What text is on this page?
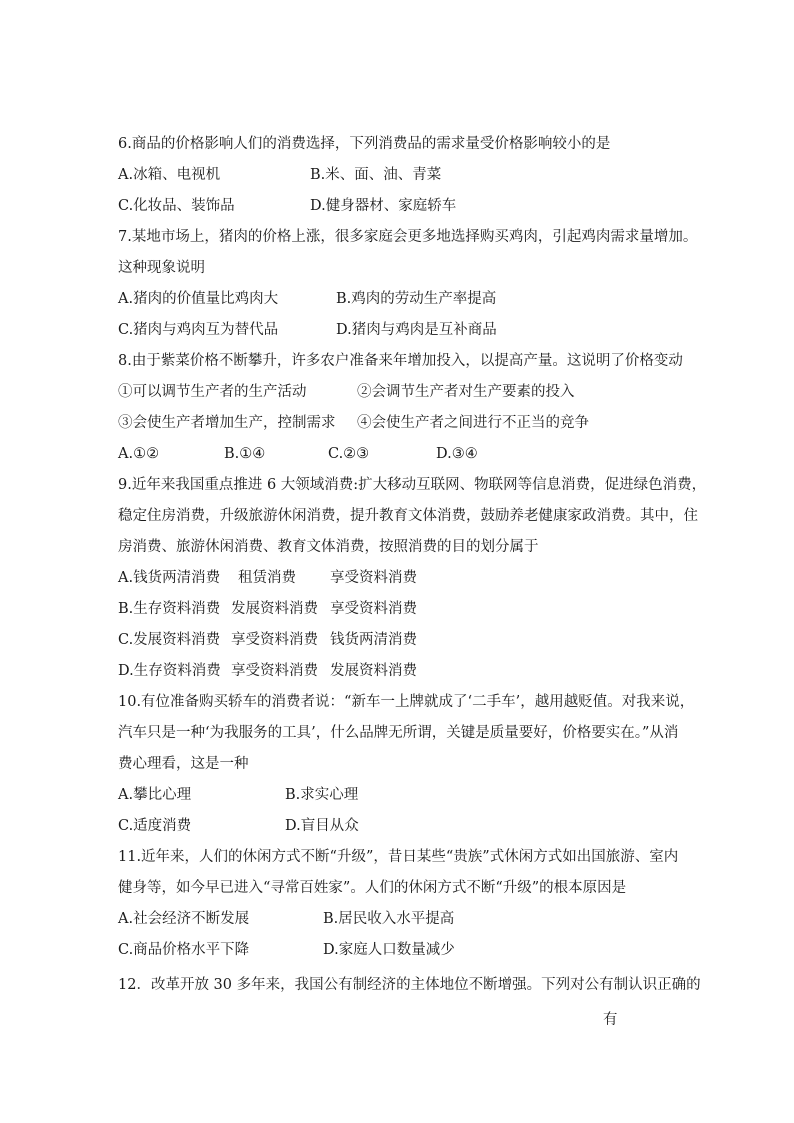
6.商品的价格影响人们的消费选择，下列消费品的需求量受价格影响较小的是
A.冰箱、电视机	B.米、面、油、青菜
C.化妆品、装饰品	D.健身器材、家庭轿车
7.某地市场上，猪肉的价格上涨，很多家庭会更多地选择购买鸡肉，引起鸡肉需求量增加。
这种现象说明
A.猪肉的价值量比鸡肉大	B.鸡肉的劳动生产率提高
C.猪肉与鸡肉互为替代品	D.猪肉与鸡肉是互补商品
8.由于紫菜价格不断攀升，许多农户准备来年增加投入，以提高产量。这说明了价格变动
①可以调节生产者的生产活动	②会调节生产者对生产要素的投入
③会使生产者增加生产，控制需求 ④会使生产者之间进行不正当的竞争
A.①②	B.①④	C.②③	D.③④
9.近年来我国重点推进 6 大领域消费:扩大移动互联网、物联网等信息消费，促进绿色消费，
稳定住房消费，升级旅游休闲消费，提升教育文体消费，鼓励养老健康家政消费。其中，住
房消费、旅游休闲消费、教育文体消费，按照消费的目的划分属于
A.钱货两清消费 租赁消费 享受资料消费
B.生存资料消费 发展资料消费 享受资料消费
C.发展资料消费 享受资料消费 钱货两清消费
D.生存资料消费 享受资料消费 发展资料消费
10.有位准备购买轿车的消费者说：“新车一上牌就成了‘二手车’，越用越贬值。对我来说，
汽车只是一种‘为我服务的工具’，什么品牌无所谓，关键是质量要好，价格要实在。”从消
费心理看，这是一种
A.攀比心理	B.求实心理
C.适度消费	D.盲目从众
11.近年来，人们的休闲方式不断“升级”，昔日某些“贵族”式休闲方式如出国旅游、室内
健身等，如今早已进入“寻常百姓家”。人们的休闲方式不断“升级”的根本原因是
A.社会经济不断发展	B.居民收入水平提高
C.商品价格水平下降	D.家庭人口数量减少
12．改革开放 30 多年来，我国公有制经济的主体地位不断增强。下列对公有制认识正确的
有
